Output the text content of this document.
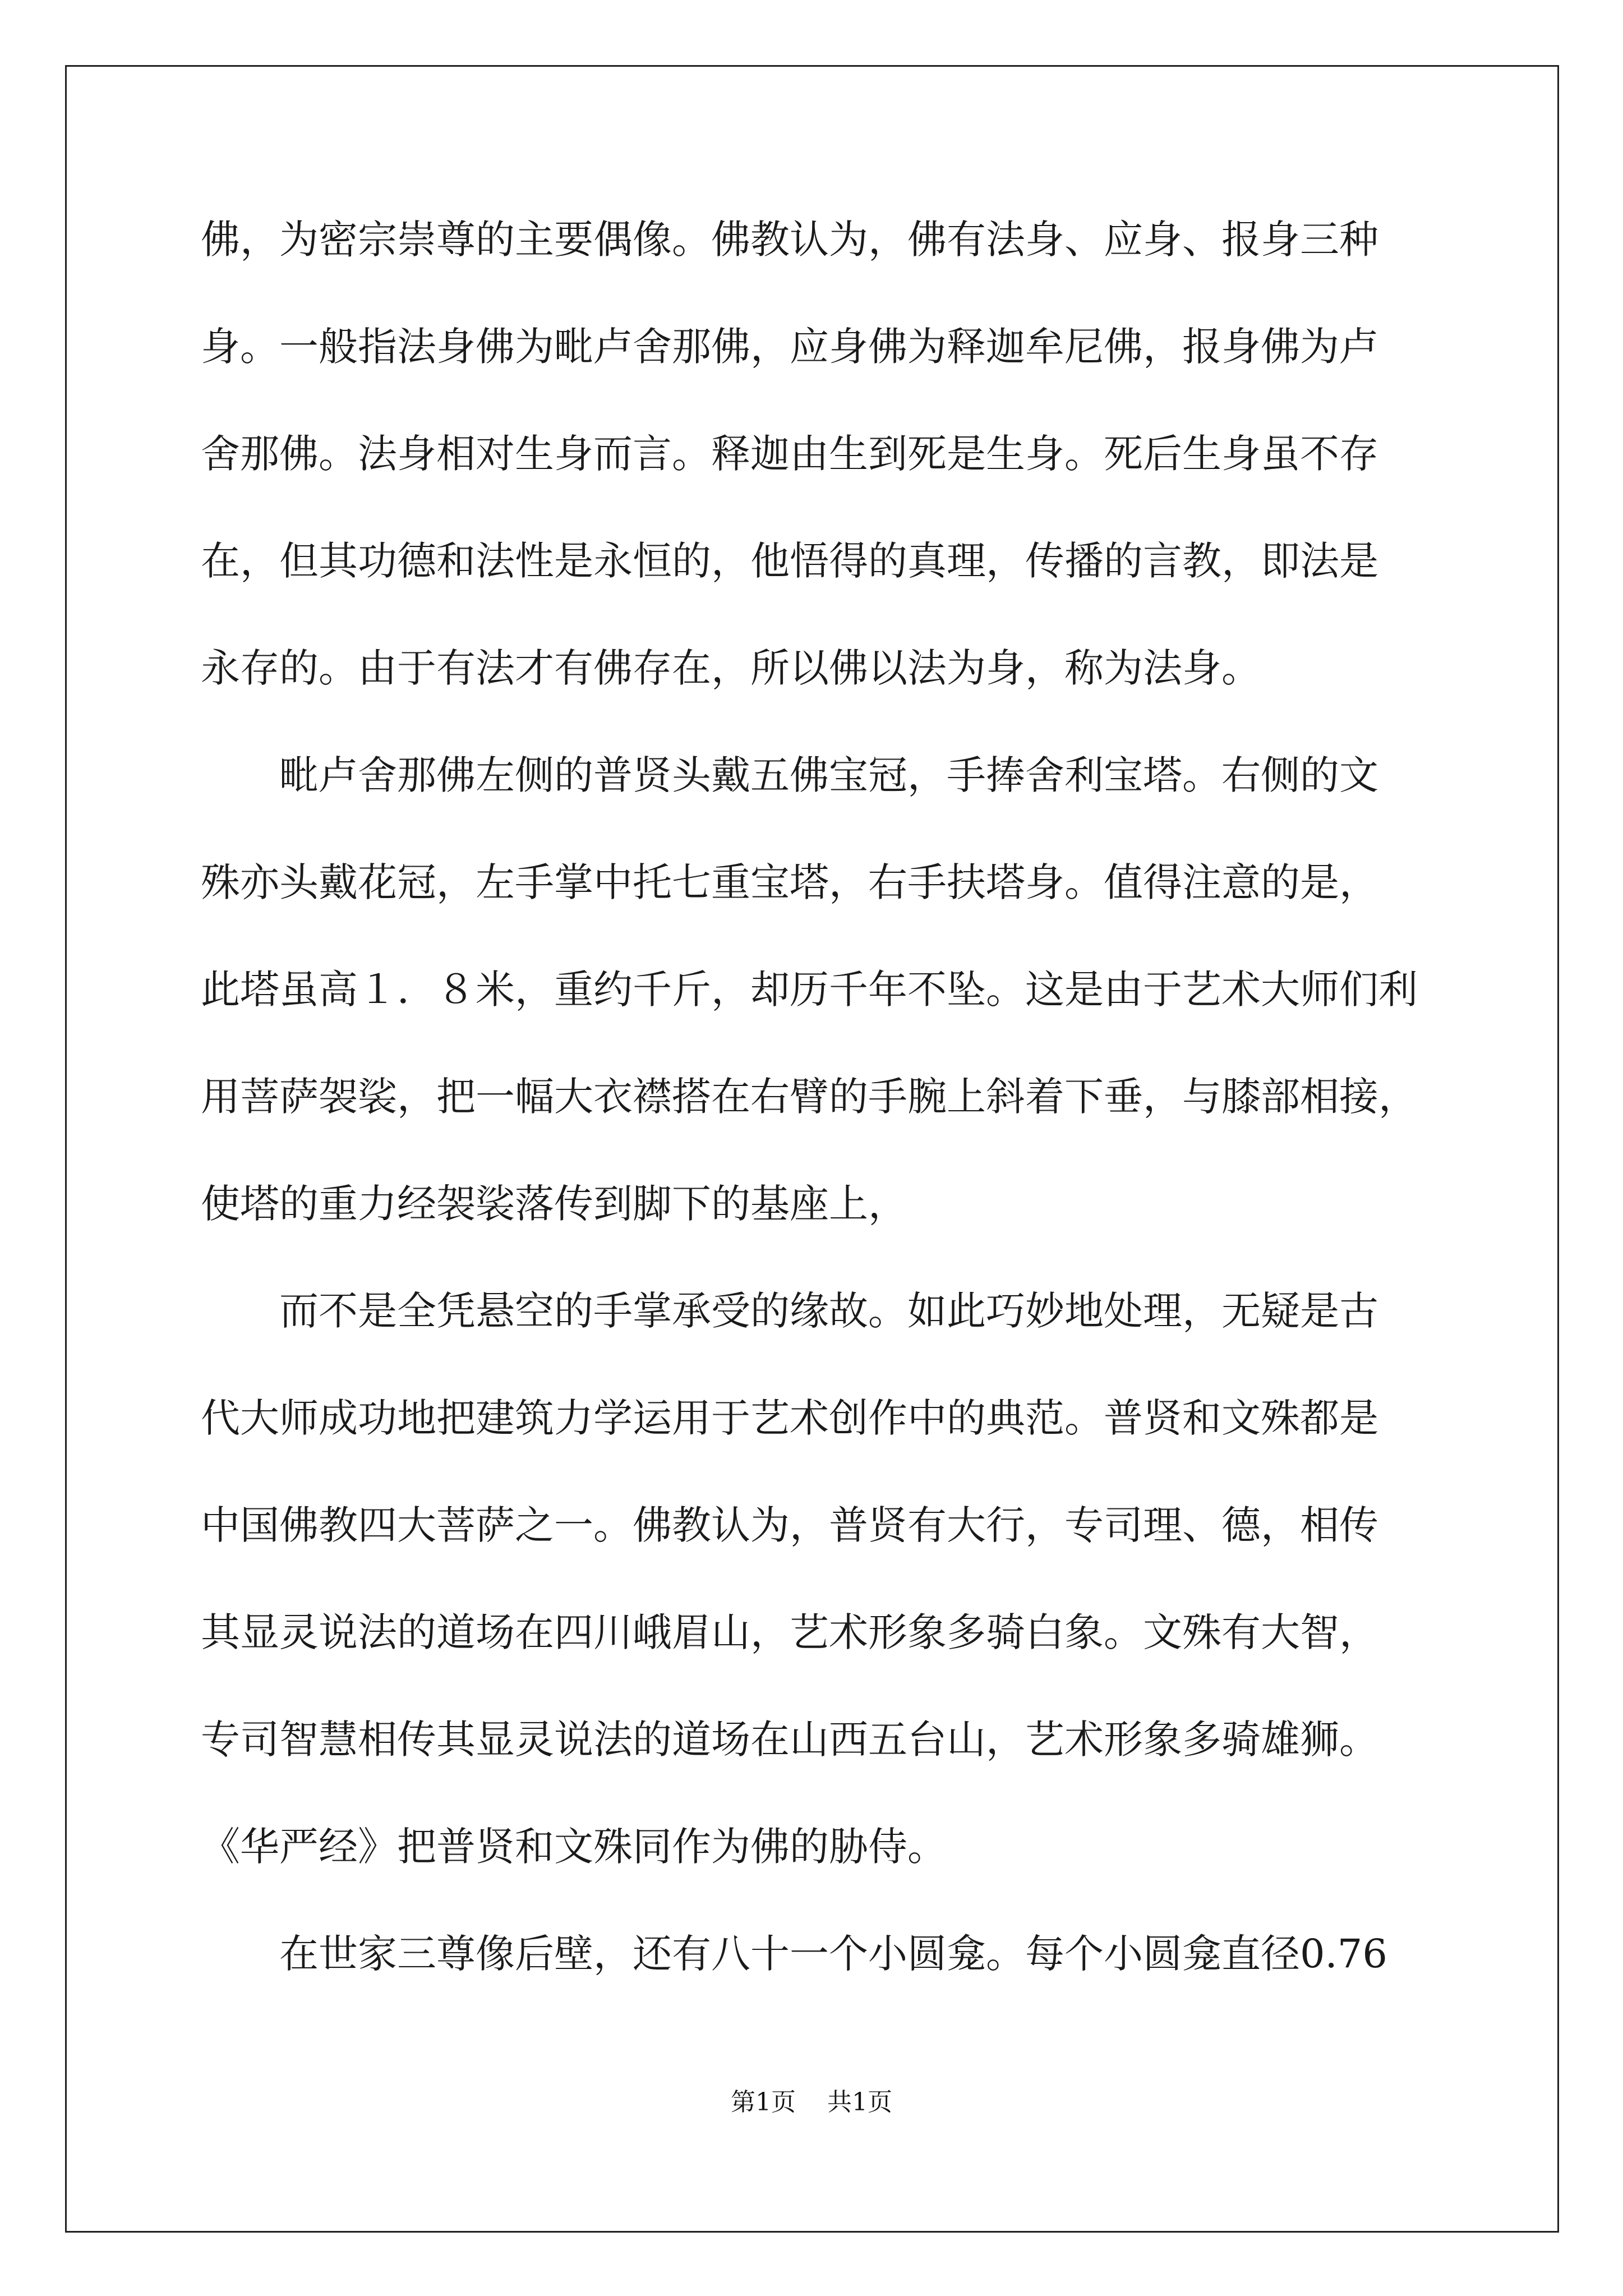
佛，为密宗崇尊的主要偶像。佛教认为，佛有法身、应身、报身三种
身。一般指法身佛为毗卢舍那佛，应身佛为释迦牟尼佛，报身佛为卢
舍那佛。法身相对生身而言。释迦由生到死是生身。死后生身虽不存
在，但其功德和法性是永恒的，他悟得的真理，传播的言教，即法是
永存的。由于有法才有佛存在，所以佛以法为身，称为法身。
　　毗卢舍那佛左侧的普贤头戴五佛宝冠，手捧舍利宝塔。右侧的文
殊亦头戴花冠，左手掌中托七重宝塔，右手扶塔身。值得注意的是，
此塔虽高１．８米，重约千斤，却历千年不坠。这是由于艺术大师们利
用菩萨袈裟，把一幅大衣襟搭在右臂的手腕上斜着下垂，与膝部相接，
使塔的重力经袈裟落传到脚下的基座上，
　　而不是全凭悬空的手掌承受的缘故。如此巧妙地处理，无疑是古
代大师成功地把建筑力学运用于艺术创作中的典范。普贤和文殊都是
中国佛教四大菩萨之一。佛教认为，普贤有大行，专司理、德，相传
其显灵说法的道场在四川峨眉山，艺术形象多骑白象。文殊有大智，
专司智慧相传其显灵说法的道场在山西五台山，艺术形象多骑雄狮。
《华严经》把普贤和文殊同作为佛的胁侍。
　　在世家三尊像后壁，还有八十一个小圆龛。每个小圆龛直径0.76
第1页 共1页
